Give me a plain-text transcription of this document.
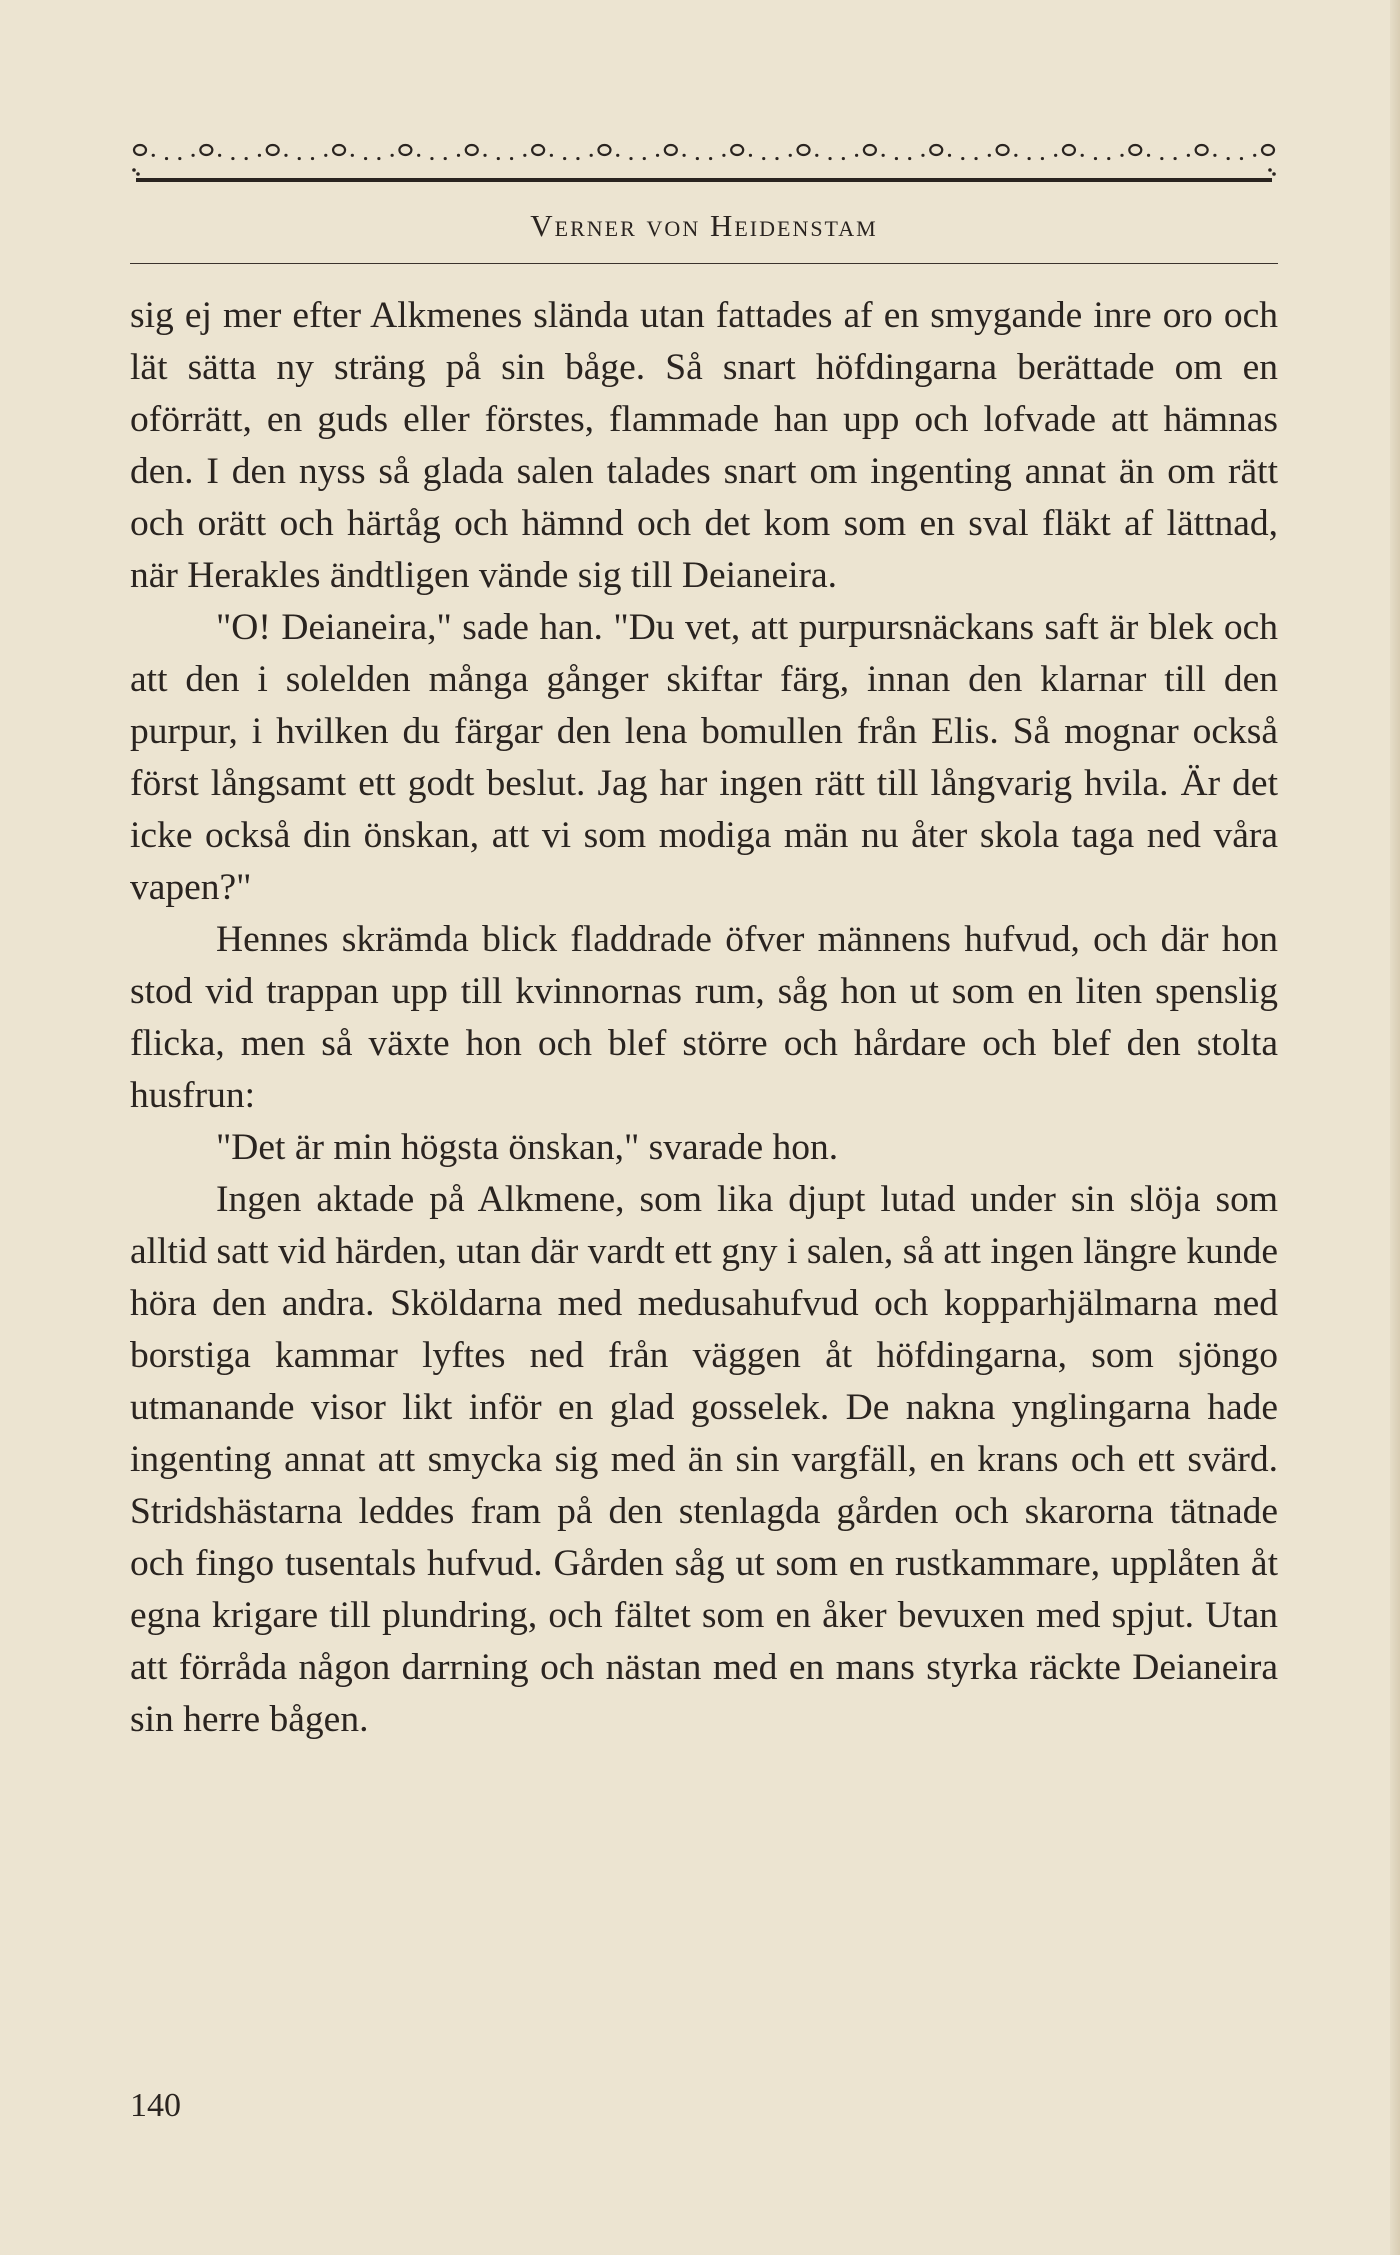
Verner von Heidenstam

sig ej mer efter Alkmenes slända utan fattades af en smygande inre oro och lät sätta ny sträng på sin båge. Så snart höfdingarna berättade om en oförrätt, en guds eller förstes, flammade han upp och lofvade att hämnas den. I den nyss så glada salen talades snart om ingenting annat än om rätt och orätt och härtåg och hämnd och det kom som en sval fläkt af lättnad, när Herakles ändtligen vände sig till Deianeira.

"O! Deianeira," sade han. "Du vet, att purpursnäckans saft är blek och att den i solelden många gånger skiftar färg, innan den klarnar till den purpur, i hvilken du färgar den lena bomullen från Elis. Så mognar också först långsamt ett godt beslut. Jag har ingen rätt till långvarig hvila. Är det icke också din önskan, att vi som modiga män nu åter skola taga ned våra vapen?"

Hennes skrämda blick fladdrade öfver männens hufvud, och där hon stod vid trappan upp till kvinnornas rum, såg hon ut som en liten spenslig flicka, men så växte hon och blef större och hårdare och blef den stolta husfrun:

"Det är min högsta önskan," svarade hon.

Ingen aktade på Alkmene, som lika djupt lutad under sin slöja som alltid satt vid härden, utan där vardt ett gny i salen, så att ingen längre kunde höra den andra. Sköldarna med medusahufvud och kopparhjälmarna med borstiga kammar lyftes ned från väggen åt höfdingarna, som sjöngo utmanande visor likt inför en glad gosselek. De nakna ynglingarna hade ingenting annat att smycka sig med än sin vargfäll, en krans och ett svärd. Stridshästarna leddes fram på den stenlagda gården och skarorna tätnade och fingo tusentals hufvud. Gården såg ut som en rustkammare, upplåten åt egna krigare till plundring, och fältet som en åker bevuxen med spjut. Utan att förråda någon darrning och nästan med en mans styrka räckte Deianeira sin herre bågen.

140
